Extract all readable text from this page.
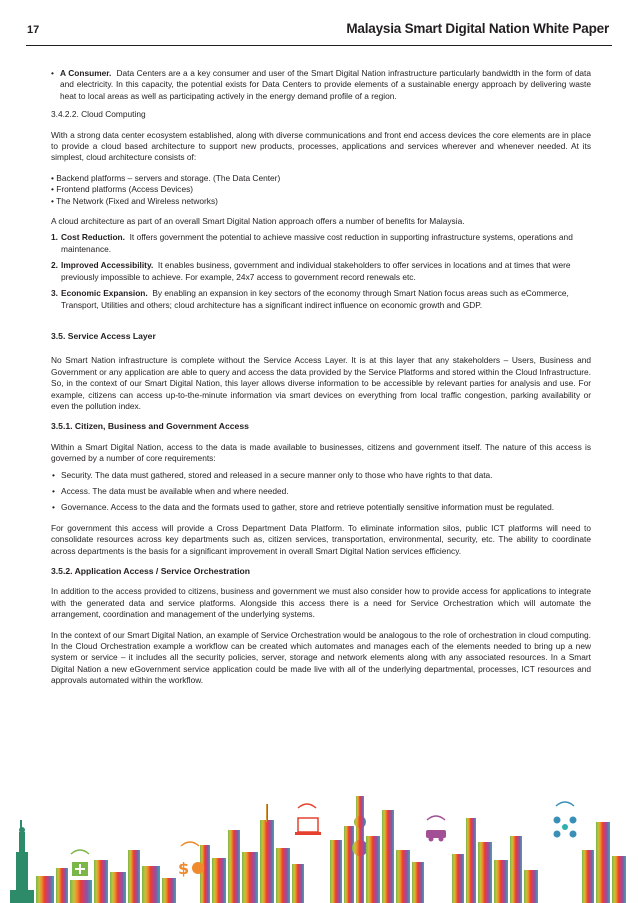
17	Malaysia Smart Digital Nation White Paper

• A Consumer. Data Centers are a a key consumer and user of the Smart Digital Nation infrastructure particularly bandwidth in the form of data and electricity. In this capacity, the potential exists for Data Centers to provide elements of a sustainable energy approach by delivering waste heat to local areas as well as participating actively in the energy demand profile of a region.

3.4.2.2. Cloud Computing

With a strong data center ecosystem established, along with diverse communications and front end access devices the core elements are in place to provide a cloud based architecture to support new products, processes, applications and services wherever and whenever needed. At its simplest, cloud architecture consists of:

• Backend platforms – servers and storage. (The Data Center)

• Frontend platforms (Access Devices)

• The Network (Fixed and Wireless networks)

A cloud architecture as part of an overall Smart Digital Nation approach offers a number of benefits for Malaysia.

1. Cost Reduction. It offers government the potential to achieve massive cost reduction in supporting infrastructure systems, operations and maintenance.

2. Improved Accessibility. It enables business, government and individual stakeholders to offer services in locations and at times that were previously impossible to achieve. For example, 24x7 access to government record renewals etc.

3. Economic Expansion. By enabling an expansion in key sectors of the economy through Smart Nation focus areas such as eCommerce, Transport, Utilities and others; cloud architecture has a significant indirect influence on economic growth and GDP.

3.5. Service Access Layer

No Smart Nation infrastructure is complete without the Service Access Layer. It is at this layer that any stakeholders – Users, Business and Government or any application are able to query and access the data provided by the Service Platforms and stored within the Cloud Infrastructure. So, in the context of our Smart Digital Nation, this layer allows diverse information to be accessible by relevant parties for analysis and use. For example, citizens can access up-to-the-minute information via smart devices on everything from local traffic congestion, parking availability or even the pollution index.

3.5.1. Citizen, Business and Government Access

Within a Smart Digital Nation, access to the data is made available to businesses, citizens and government itself. The nature of this access is governed by a number of core requirements:

• Security. The data must gathered, stored and released in a secure manner only to those who have rights to that data.

• Access. The data must be available when and where needed.

• Governance. Access to the data and the formats used to gather, store and retrieve potentially sensitive information must be regulated.

For government this access will provide a Cross Department Data Platform. To eliminate information silos, public ICT platforms will need to consolidate resources across key departments such as, citizen services, transportation, environmental, security, etc. The ability to coordinate across departments is the basis for a significant improvement in overall Smart Digital Nation services efficiency.

3.5.2. Application Access / Service Orchestration

In addition to the access provided to citizens, business and government we must also consider how to provide access for applications to integrate with the generated data and service platforms. Alongside this access there is a need for Service Orchestration which will automate the arrangement, coordination and management of the underlying systems.

In the context of our Smart Digital Nation, an example of Service Orchestration would be analogous to the role of orchestration in cloud computing. In the Cloud Orchestration example a workflow can be created which automates and manages each of the elements needed to bring up a new system or service – it includes all the security policies, server, storage and network elements along with any associated resources. In a Smart Digital Nation a new eGovernment service application could be made live with all of the underlying departmental, processes, ICT resources and approvals automated within the workflow.

$
